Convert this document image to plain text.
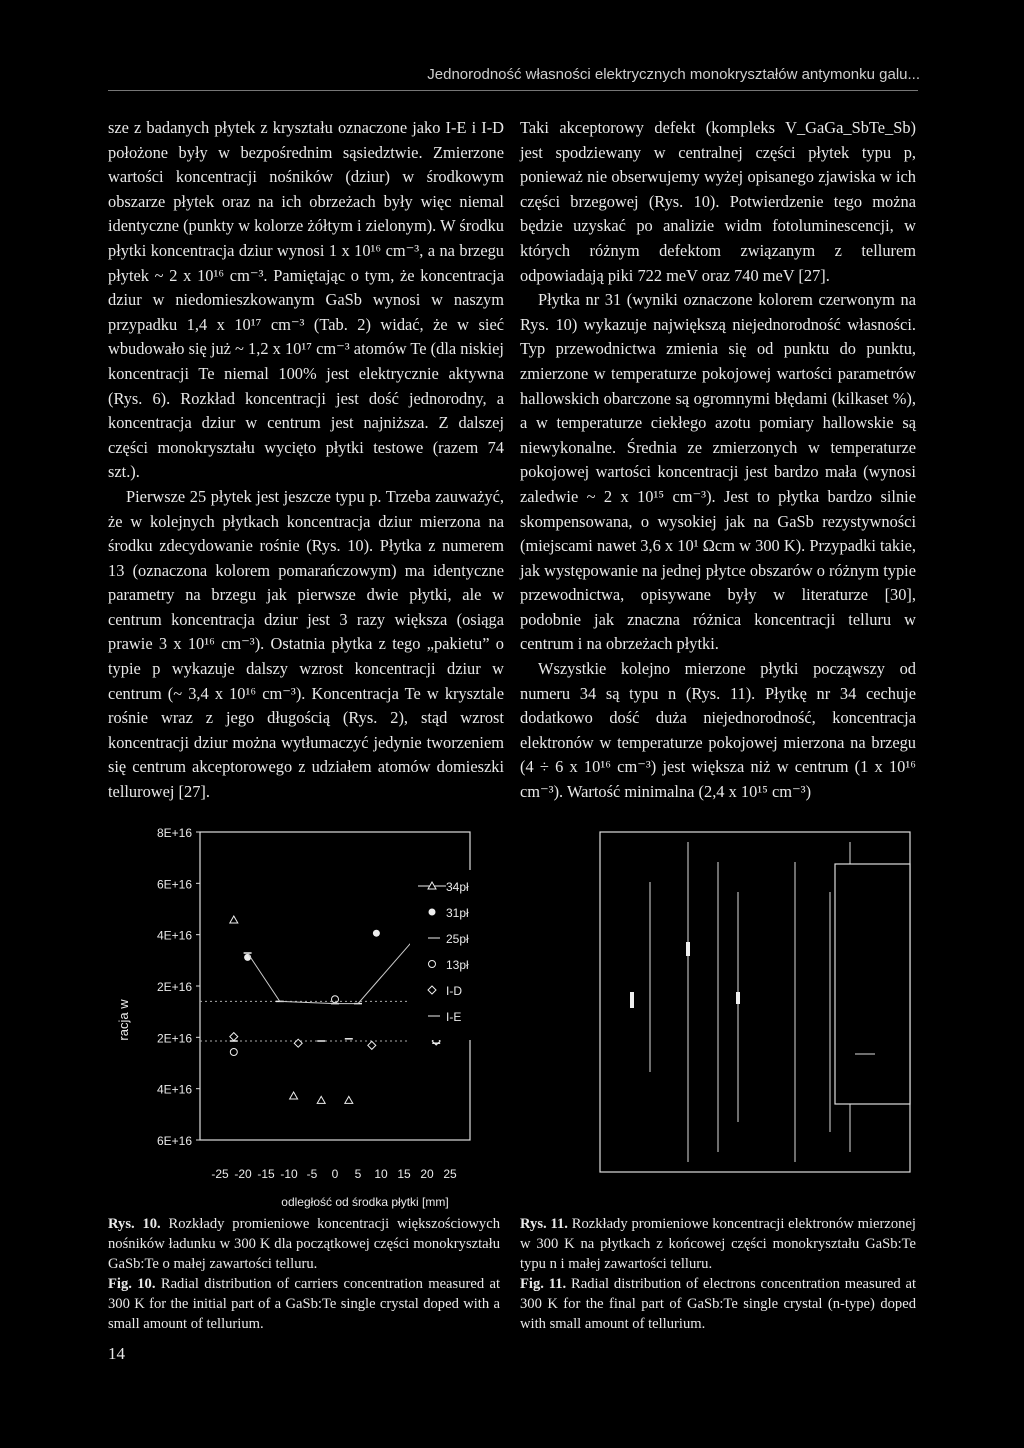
Jednorodność własności elektrycznych monokryształów antymonku galu...

sze z badanych płytek z kryształu oznaczone jako I-E i I-D położone były w bezpośrednim sąsiedztwie. Zmierzone wartości koncentracji nośników (dziur) w środkowym obszarze płytek oraz na ich obrzeżach były więc niemal identyczne (punkty w kolorze żółtym i zielonym). W środku płytki koncentracja dziur wynosi 1 x 10¹⁶ cm⁻³, a na brzegu płytek ~ 2 x 10¹⁶ cm⁻³. Pamiętając o tym, że koncentracja dziur w niedomieszkowanym GaSb wynosi w naszym przypadku 1,4 x 10¹⁷ cm⁻³ (Tab. 2) widać, że w sieć wbudowało się już ~ 1,2 x 10¹⁷ cm⁻³ atomów Te (dla niskiej koncentracji Te niemal 100% jest elektrycznie aktywna (Rys. 6). Rozkład koncentracji jest dość jednorodny, a koncentracja dziur w centrum jest najniższa. Z dalszej części monokryształu wycięto płytki testowe (razem 74 szt.).

Pierwsze 25 płytek jest jeszcze typu p. Trzeba zauważyć, że w kolejnych płytkach koncentracja dziur mierzona na środku zdecydowanie rośnie (Rys. 10). Płytka z numerem 13 (oznaczona kolorem pomarańczowym) ma identyczne parametry na brzegu jak pierwsze dwie płytki, ale w centrum koncentracja dziur jest 3 razy większa (osiąga prawie 3 x 10¹⁶ cm⁻³). Ostatnia płytka z tego „pakietu” o typie p wykazuje dalszy wzrost koncentracji dziur w centrum (~ 3,4 x 10¹⁶ cm⁻³). Koncentracja Te w krysztale rośnie wraz z jego długością (Rys. 2), stąd wzrost koncentracji dziur można wytłumaczyć jedynie tworzeniem się centrum akceptorowego z udziałem atomów domieszki tellurowej [27].

Taki akceptorowy defekt (kompleks V_GaGa_SbTe_Sb) jest spodziewany w centralnej części płytek typu p, ponieważ nie obserwujemy wyżej opisanego zjawiska w ich części brzegowej (Rys. 10). Potwierdzenie tego można będzie uzyskać po analizie widm fotoluminescencji, w których różnym defektom związanym z tellurem odpowiadają piki 722 meV oraz 740 meV [27].

Płytka nr 31 (wyniki oznaczone kolorem czerwonym na Rys. 10) wykazuje największą niejednorodność własności. Typ przewodnictwa zmienia się od punktu do punktu, zmierzone w temperaturze pokojowej wartości parametrów hallowskich obarczone są ogromnymi błędami (kilkaset %), a w temperaturze ciekłego azotu pomiary hallowskie są niewykonalne. Średnia ze zmierzonych w temperaturze pokojowej wartości koncentracji jest bardzo mała (wynosi zaledwie ~ 2 x 10¹⁵ cm⁻³). Jest to płytka bardzo silnie skompensowana, o wysokiej jak na GaSb rezystywności (miejscami nawet 3,6 x 10¹ Ωcm w 300 K). Przypadki takie, jak występowanie na jednej płytce obszarów o różnym typie przewodnictwa, opisywane były w literaturze [30], podobnie jak znaczna różnica koncentracji telluru w centrum i na obrzeżach płytki.

Wszystkie kolejno mierzone płytki począwszy od numeru 34 są typu n (Rys. 11). Płytkę nr 34 cechuje dodatkowo dość duża niejednorodność, koncentracja elektronów w temperaturze pokojowej mierzona na brzegu (4 ÷ 6 x 10¹⁶ cm⁻³) jest większa niż w centrum (1 x 10¹⁶ cm⁻³). Wartość minimalna (2,4 x 10¹⁵ cm⁻³)

8E+16
6E+16
4E+16
2E+16
2E+16
4E+16
6E+16
racja w
-25 -20 -15 -10 -5 0 5 10 15 20 25
odległość od środka płytki [mm]
34pł
31pł
25pł
13pł
I-D
I-E
Rys. 10. Rozkłady promieniowe koncentracji większościowych nośników ładunku w 300 K dla początkowej części monokryształu GaSb:Te o małej zawartości telluru.
Fig. 10. Radial distribution of carriers concentration measured at 300 K for the initial part of a GaSb:Te single crystal doped with a small amount of tellurium.
Rys. 11. Rozkłady promieniowe koncentracji elektronów mierzonej w 300 K na płytkach z końcowej części monokryształu GaSb:Te typu n i małej zawartości telluru.
Fig. 11. Radial distribution of electrons concentration measured at 300 K for the final part of GaSb:Te single crystal (n-type) doped with small amount of tellurium.
14
